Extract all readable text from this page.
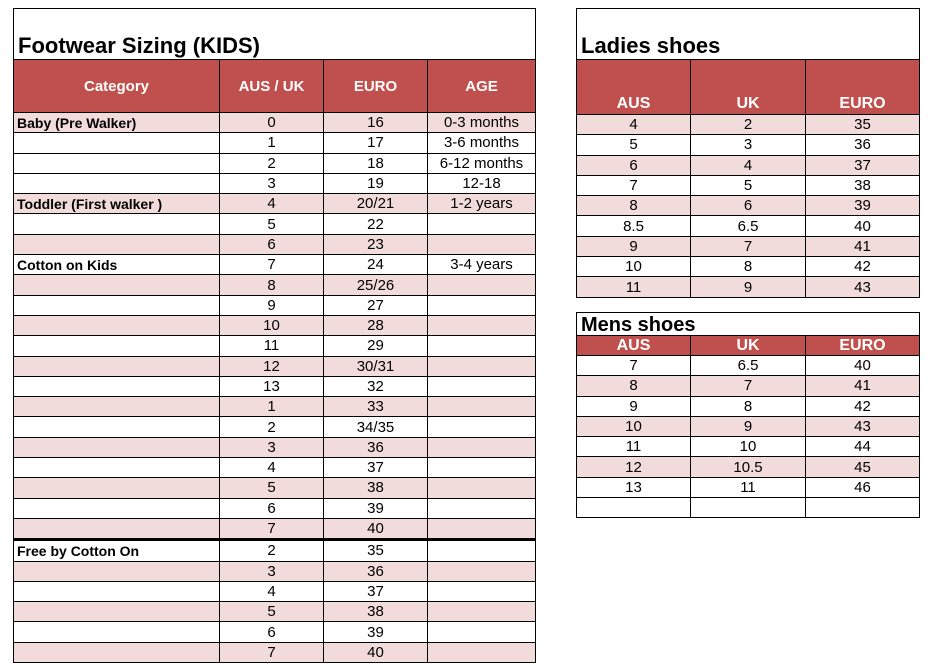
Footwear Sizing (KIDS)			
Category	AUS / UK	EURO	AGE
Baby (Pre Walker)	0	16	0-3 months
	1	17	3-6 months
	2	18	6-12 months
	3	19	12-18
Toddler (First walker )	4	20/21	1-2 years
	5	22	
	6	23	
Cotton on Kids	7	24	3-4 years
	8	25/26	
	9	27	
	10	28	
	11	29	
	12	30/31	
	13	32	
	1	33	
	2	34/35	
	3	36	
	4	37	
	5	38	
	6	39	
	7	40	
Free by Cotton On	2	35	
	3	36	
	4	37	
	5	38	
	6	39	
	7	40	
Ladies shoes		
AUS	UK	EURO
4	2	35
5	3	36
6	4	37
7	5	38
8	6	39
8.5	6.5	40
9	7	41
10	8	42
11	9	43
Mens shoes		
AUS	UK	EURO
7	6.5	40
8	7	41
9	8	42
10	9	43
11	10	44
12	10.5	45
13	11	46
